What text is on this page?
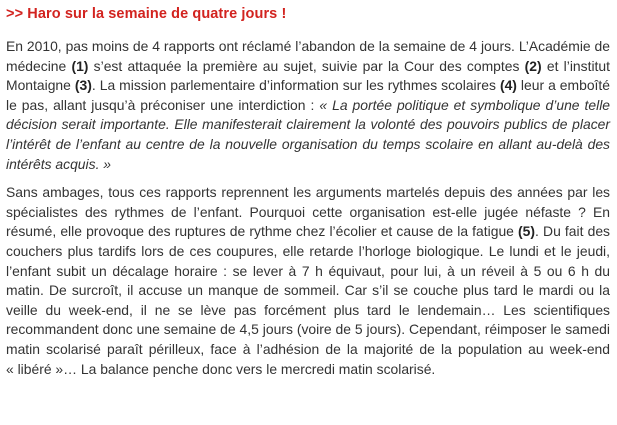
>> Haro sur la semaine de quatre jours !

En 2010, pas moins de 4 rapports ont réclamé l’abandon de la semaine de 4 jours. L’Académie de médecine (1) s’est attaquée la première au sujet, suivie par la Cour des comptes (2) et l’institut Montaigne (3). La mission parlementaire d’information sur les rythmes scolaires (4) leur a emboîté le pas, allant jusqu’à préconiser une interdiction : « La portée politique et symbolique d’une telle décision serait importante. Elle manifesterait clairement la volonté des pouvoirs publics de placer l’intérêt de l’enfant au centre de la nouvelle organisation du temps scolaire en allant au-delà des intérêts acquis. »

Sans ambages, tous ces rapports reprennent les arguments martelés depuis des années par les spécialistes des rythmes de l’enfant. Pourquoi cette organisation est-elle jugée néfaste ? En résumé, elle provoque des ruptures de rythme chez l’écolier et cause de la fatigue (5). Du fait des couchers plus tardifs lors de ces coupures, elle retarde l’horloge biologique. Le lundi et le jeudi, l’enfant subit un décalage horaire : se lever à 7 h équivaut, pour lui, à un réveil à 5 ou 6 h du matin. De surcroît, il accuse un manque de sommeil. Car s’il se couche plus tard le mardi ou la veille du week-end, il ne se lève pas forcément plus tard le lendemain… Les scientifiques recommandent donc une semaine de 4,5 jours (voire de 5 jours). Cependant, réimposer le samedi matin scolarisé paraît périlleux, face à l’adhésion de la majorité de la population au week-end « libéré »… La balance penche donc vers le mercredi matin scolarisé.
